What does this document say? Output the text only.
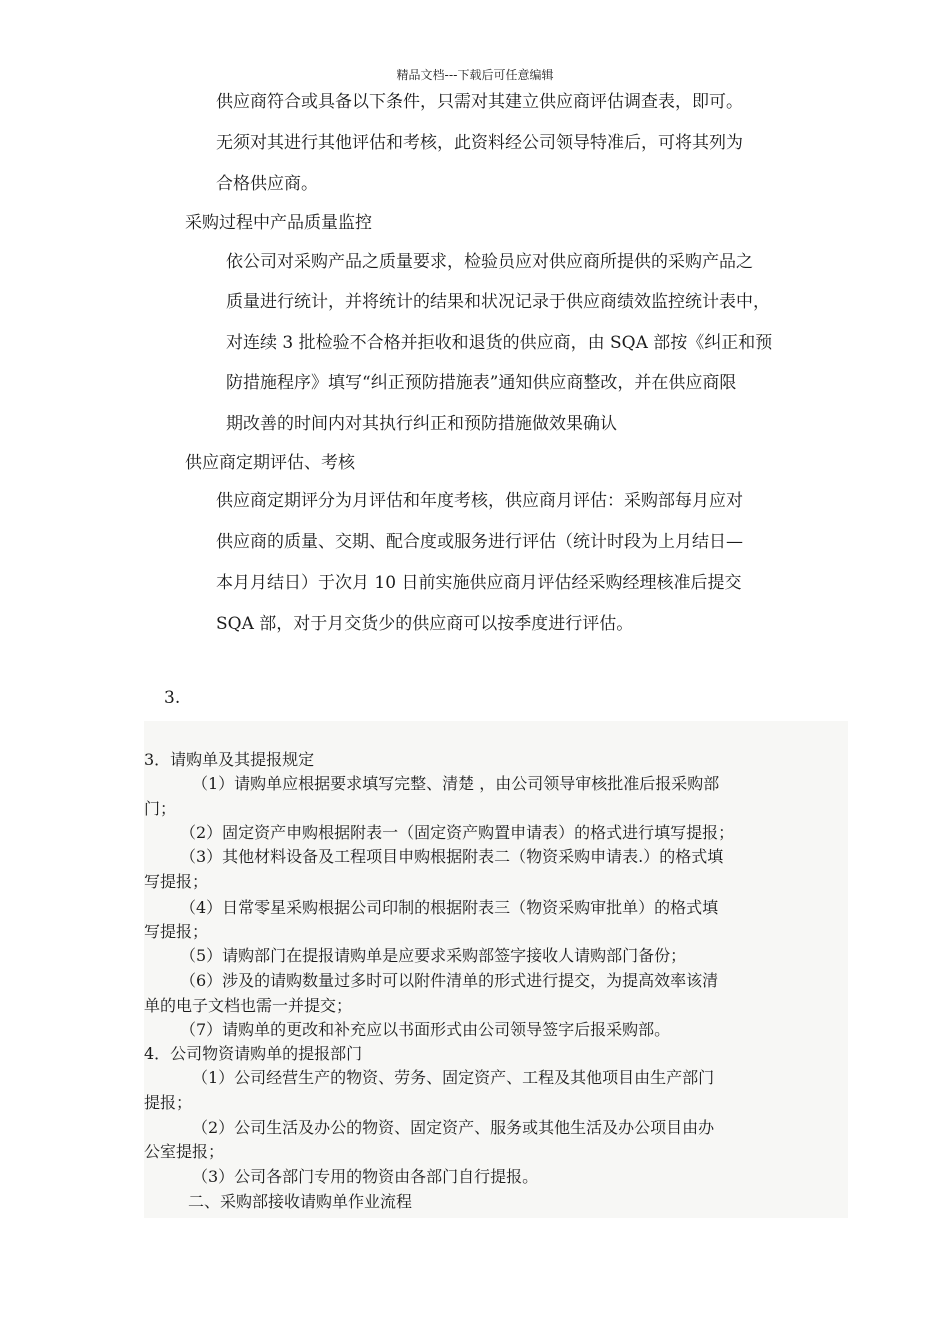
精品文档---下载后可任意编辑
供应商符合或具备以下条件，只需对其建立供应商评估调查表，即可。
无须对其进行其他评估和考核，此资料经公司领导特准后，可将其列为
合格供应商。
采购过程中产品质量监控
依公司对采购产品之质量要求，检验员应对供应商所提供的采购产品之
质量进行统计，并将统计的结果和状况记录于供应商绩效监控统计表中，
对连续 3 批检验不合格并拒收和退货的供应商，由 SQA 部按《纠正和预
防措施程序》填写“纠正预防措施表”通知供应商整改，并在供应商限
期改善的时间内对其执行纠正和预防措施做效果确认
供应商定期评估、考核
供应商定期评分为月评估和年度考核，供应商月评估：采购部每月应对
供应商的质量、交期、配合度或服务进行评估（统计时段为上月结日—
本月月结日）于次月 10 日前实施供应商月评估经采购经理核准后提交
SQA 部，对于月交货少的供应商可以按季度进行评估。
3.
3．请购单及其提报规定
（1）请购单应根据要求填写完整、清楚 ，由公司领导审核批准后报采购部
门；
（2）固定资产申购根据附表一（固定资产购置申请表）的格式进行填写提报；
（3）其他材料设备及工程项目申购根据附表二（物资采购申请表.）的格式填
写提报；
（4）日常零星采购根据公司印制的根据附表三（物资采购审批单）的格式填
写提报；
（5）请购部门在提报请购单是应要求采购部签字接收人请购部门备份；
（6）涉及的请购数量过多时可以附件清单的形式进行提交，为提高效率该清
单的电子文档也需一并提交；
（7）请购单的更改和补充应以书面形式由公司领导签字后报采购部。
4．公司物资请购单的提报部门
（1）公司经营生产的物资、劳务、固定资产、工程及其他项目由生产部门
提报；
（2）公司生活及办公的物资、固定资产、服务或其他生活及办公项目由办
公室提报；
（3）公司各部门专用的物资由各部门自行提报。
二、采购部接收请购单作业流程
